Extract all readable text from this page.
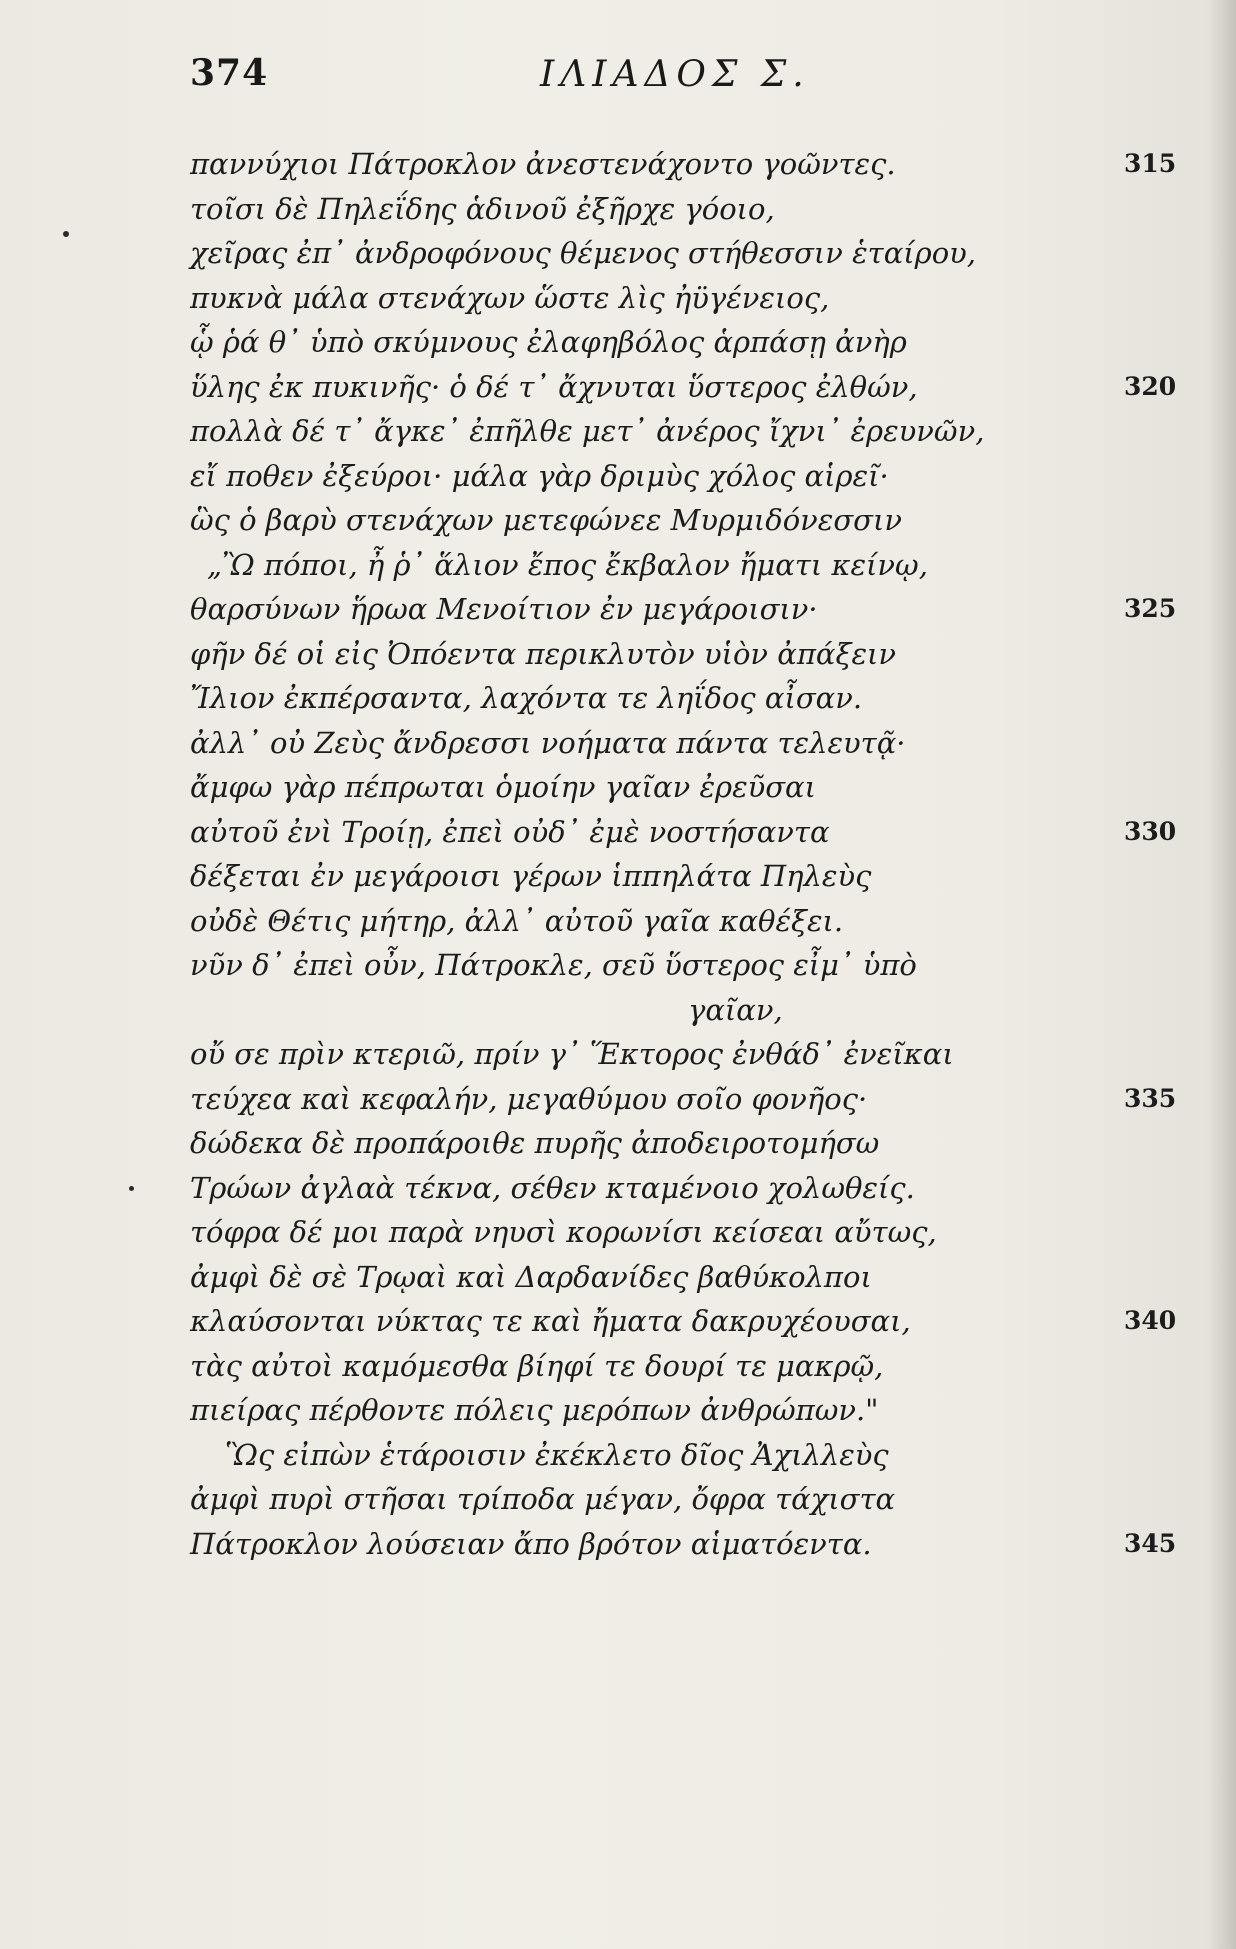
374	ΙΛΙΑΔΟΣ Σ.
παννύχιοι Πάτροκλον ἀνεστενάχοντο γοῶντες.	315
τοῖσι δὲ Πηλεΐδης ἁδινοῦ ἐξῆρχε γόοιο,
χεῖρας ἐπ᾽ ἀνδροφόνους θέμενος στήθεσσιν ἑταίρου,
πυκνὰ μάλα στενάχων ὥστε λὶς ἠϋγένειος,
ᾧ ῥά θ᾽ ὑπὸ σκύμνους ἐλαφηβόλος ἁρπάσῃ ἀνὴρ
ὕλης ἐκ πυκινῆς· ὁ δέ τ᾽ ἄχνυται ὕστερος ἐλθών,	320
πολλὰ δέ τ᾽ ἄγκε᾽ ἐπῆλθε μετ᾽ ἀνέρος ἴχνι᾽ ἐρευνῶν,
εἴ ποθεν ἐξεύροι· μάλα γὰρ δριμὺς χόλος αἱρεῖ·
ὣς ὁ βαρὺ στενάχων μετεφώνεε Μυρμιδόνεσσιν
„Ὢ πόποι, ἦ ῥ᾽ ἅλιον ἔπος ἔκβαλον ἤματι κείνῳ,
θαρσύνων ἥρωα Μενοίτιον ἐν μεγάροισιν·	325
φῆν δέ οἱ εἰς Ὀπόεντα περικλυτὸν υἱὸν ἀπάξειν
Ἴλιον ἐκπέρσαντα, λαχόντα τε ληΐδος αἶσαν.
ἀλλ᾽ οὐ Ζεὺς ἄνδρεσσι νοήματα πάντα τελευτᾷ·
ἄμφω γὰρ πέπρωται ὁμοίην γαῖαν ἐρεῦσαι
αὐτοῦ ἐνὶ Τροίῃ, ἐπεὶ οὐδ᾽ ἐμὲ νοστήσαντα	330
δέξεται ἐν μεγάροισι γέρων ἱππηλάτα Πηλεὺς
οὐδὲ Θέτις μήτηρ, ἀλλ᾽ αὐτοῦ γαῖα καθέξει.
νῦν δ᾽ ἐπεὶ οὖν, Πάτροκλε, σεῦ ὕστερος εἶμ᾽ ὑπὸ
γαῖαν,
οὔ σε πρὶν κτεριῶ, πρίν γ᾽ Ἕκτορος ἐνθάδ᾽ ἐνεῖκαι
τεύχεα καὶ κεφαλήν, μεγαθύμου σοῖο φονῆος·	335
δώδεκα δὲ προπάροιθε πυρῆς ἀποδειροτομήσω
Τρώων ἀγλαὰ τέκνα, σέθεν κταμένοιο χολωθείς.
τόφρα δέ μοι παρὰ νηυσὶ κορωνίσι κείσεαι αὔτως,
ἀμφὶ δὲ σὲ Τρῳαὶ καὶ Δαρδανίδες βαθύκολποι
κλαύσονται νύκτας τε καὶ ἤματα δακρυχέουσαι,	340
τὰς αὐτοὶ καμόμεσθα βίηφί τε δουρί τε μακρῷ,
πιείρας πέρθοντε πόλεις μερόπων ἀνθρώπων."
Ὣς εἰπὼν ἑτάροισιν ἐκέκλετο δῖος Ἀχιλλεὺς
ἀμφὶ πυρὶ στῆσαι τρίποδα μέγαν, ὄφρα τάχιστα
Πάτροκλον λούσειαν ἄπο βρότον αἱματόεντα.	345
